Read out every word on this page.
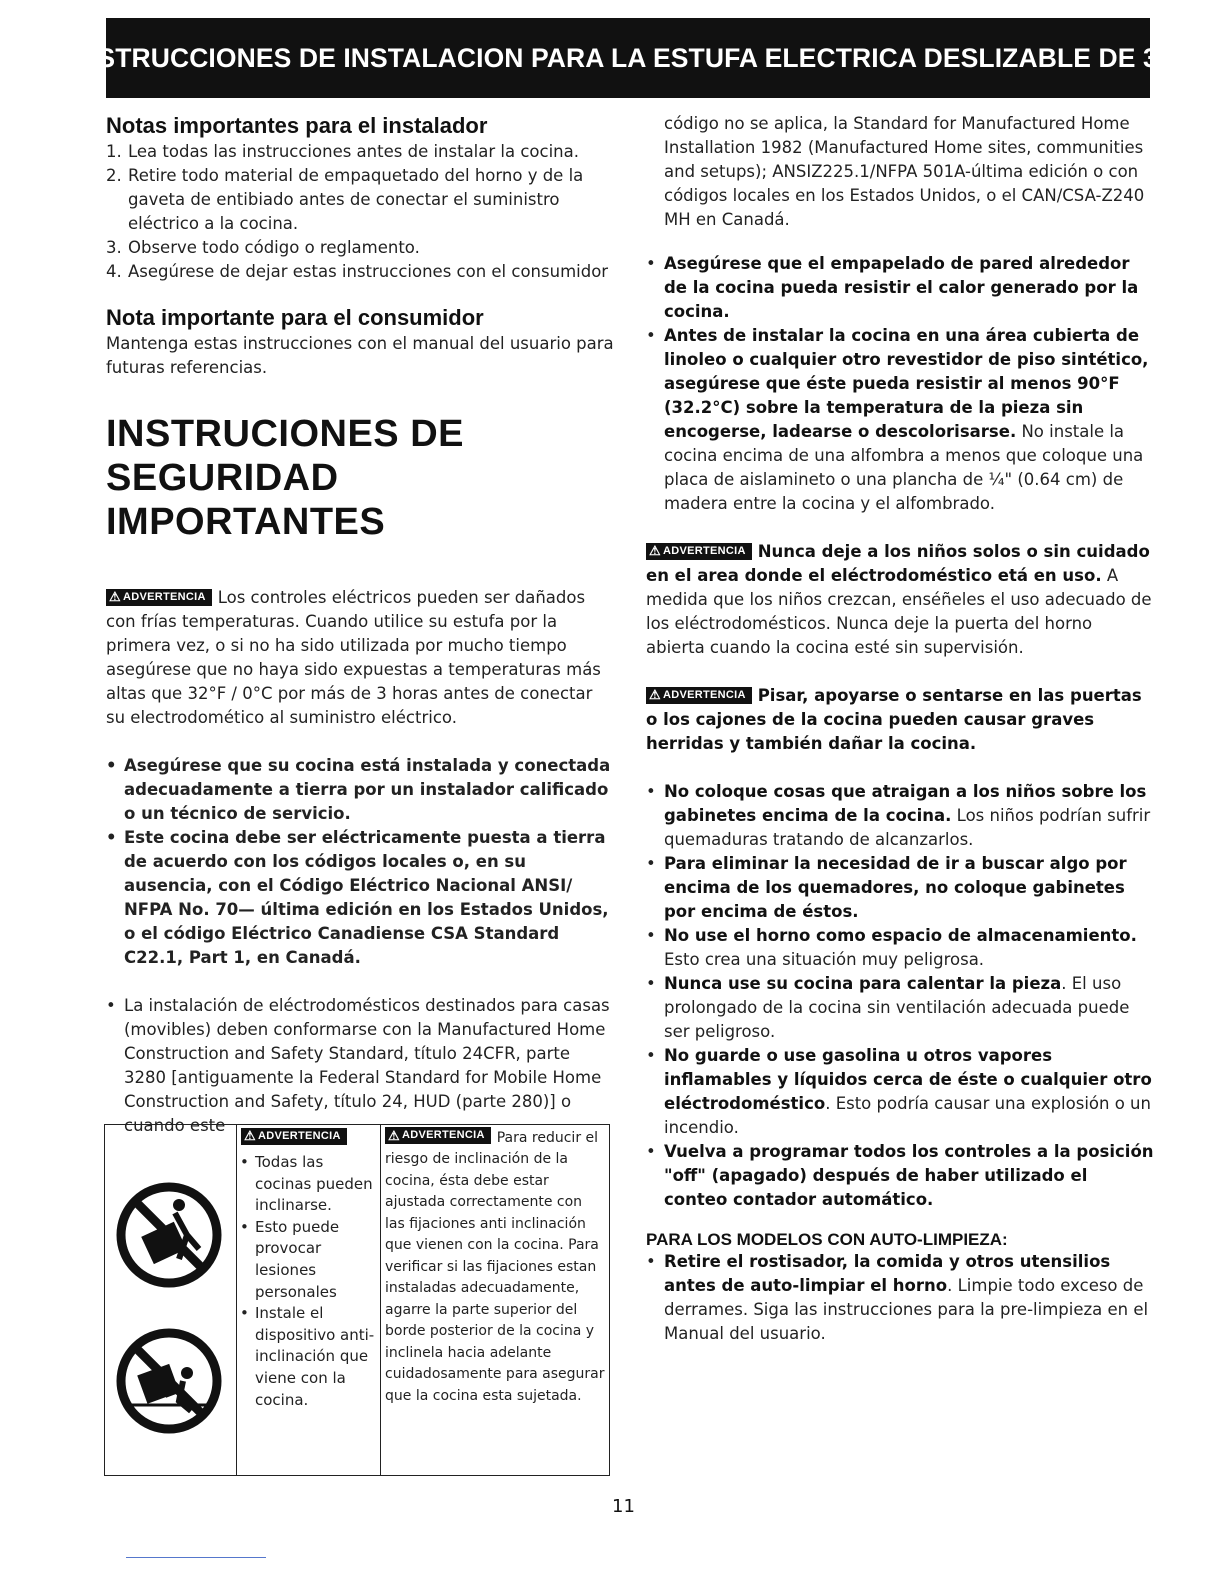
INSTRUCCIONES DE INSTALACION PARA LA ESTUFA ELECTRICA DESLIZABLE DE 30"
Notas importantes para el instalador
1. Lea todas las instrucciones antes de instalar la cocina.
2. Retire todo material de empaquetado del horno y de la gaveta de entibiado antes de conectar el suministro eléctrico a la cocina.
3. Observe todo código o reglamento.
4. Asegúrese de dejar estas instrucciones con el consumidor
Nota importante para el consumidor
Mantenga estas instrucciones con el manual del usuario para futuras referencias.
INSTRUCIONES DE
SEGURIDAD IMPORTANTES
⚠ ADVERTENCIA Los controles eléctricos pueden ser dañados con frías temperaturas. Cuando utilice su estufa por la primera vez, o si no ha sido utilizada por mucho tiempo asegúrese que no haya sido expuestas a temperaturas más altas que 32°F / 0°C por más de 3 horas antes de conectar su electrodométicο al suministro eléctrico.
• Asegúrese que su cocina está instalada y conectada adecuadamente a tierra por un instalador calificado o un técnico de servicio.
• Este cocina debe ser eléctricamente puesta a tierra de acuerdo con los códigos locales o, en su ausencia, con el Código Eléctrico Nacional ANSI/ NFPA No. 70— última edición en los Estados Unidos, o el código Eléctrico Canadiense CSA Standard C22.1, Part 1, en Canadá.
• La instalación de eléctrodomésticos destinados para casas (movibles) deben conformarse con la Manufactured Home Construction and Safety Standard, título 24CFR, parte 3280 [antiguamente la Federal Standard for Mobile Home Construction and Safety, título 24, HUD (parte 280)] o cuando este
⚠ ADVERTENCIA
• Todas las cocinas pueden inclinarse.
• Esto puede provocar lesiones personales
• Instale el dispositivo anti-inclinación que viene con la cocina.
⚠ ADVERTENCIA Para reducir el riesgo de inclinación de la cocina, ésta debe estar ajustada correctamente con las fijaciones anti inclinación que vienen con la cocina. Para verificar si las fijaciones estan instaladas adecuadamente, agarre la parte superior del borde posterior de la cocina y inclinela hacia adelante cuidadosamente para asegurar que la cocina esta sujetada.
código no se aplica, la Standard for Manufactured Home Installation 1982 (Manufactured Home sites, communities and setups); ANSIZ225.1/NFPA 501A-última edición o con códigos locales en los Estados Unidos, o el CAN/CSA-Z240 MH en Canadá.
• Asegúrese que el empapelado de pared alrededor de la cocina pueda resistir el calor generado por la cocina.
• Antes de instalar la cocina en una área cubierta de linoleo o cualquier otro revestidor de piso sintético, asegúrese que éste pueda resistir al menos 90°F (32.2°C) sobre la temperatura de la pieza sin encogerse, ladearse o descolorisarse. No instale la cocina encima de una alfombra a menos que coloque una placa de aislamineto o una plancha de ¼" (0.64 cm) de madera entre la cocina y el alfombrado.
⚠ ADVERTENCIA Nunca deje a los niños solos o sin cuidado en el area donde el eléctrodoméstico etá en uso. A medida que los niños crezcan, enséñeles el uso adecuado de los eléctrodomésticos. Nunca deje la puerta del horno abierta cuando la cocina esté sin supervisión.
⚠ ADVERTENCIA Pisar, apoyarse o sentarse en las puertas o los cajones de la cocina pueden causar graves herridas y también dañar la cocina.
• No coloque cosas que atraigan a los niños sobre los gabinetes encima de la cocina. Los niños podrían sufrir quemaduras tratando de alcanzarlos.
• Para eliminar la necesidad de ir a buscar algo por encima de los quemadores, no coloque gabinetes por encima de éstos.
• No use el horno como espacio de almacenamiento. Esto crea una situación muy peligrosa.
• Nunca use su cocina para calentar la pieza. El uso prolongado de la cocina sin ventilación adecuada puede ser peligroso.
• No guarde o use gasolina u otros vapores inflamables y líquidos cerca de éste o cualquier otro eléctrodoméstico. Esto podría causar una explosión o un incendio.
• Vuelva a programar todos los controles a la posición "off" (apagado) después de haber utilizado el conteo contador automático.
PARA LOS MODELOS CON AUTO-LIMPIEZA:
• Retire el rostisador, la comida y otros utensilios antes de auto-limpiar el horno. Limpie todo exceso de derrames. Siga las instrucciones para la pre-limpieza en el Manual del usuario.
11
